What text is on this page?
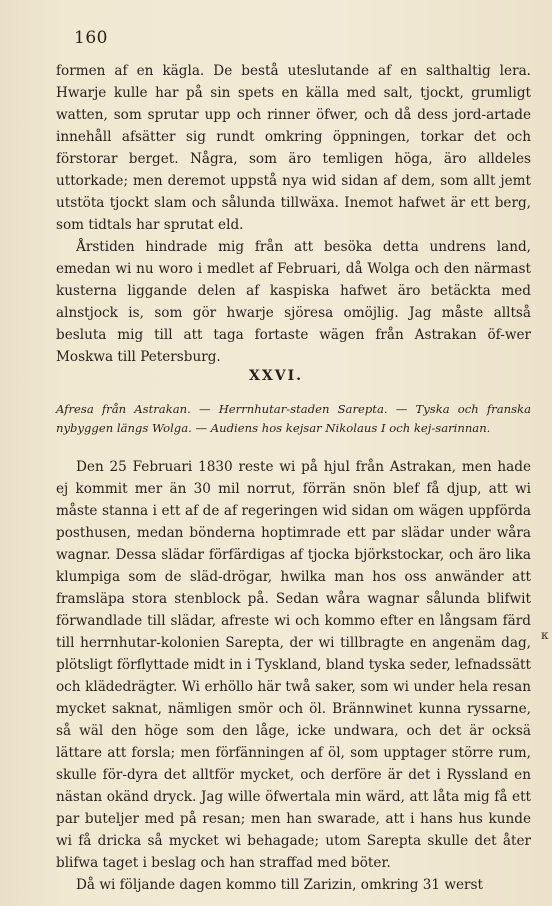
160

formen af en kägla. De bestå uteslutande af en salthaltig lera. Hwarje kulle har på sin spets en källa med salt, tjockt, grumligt watten, som sprutar upp och rinner öfwer, och då dess jord-artade innehåll afsätter sig rundt omkring öppningen, torkar det och förstorar berget. Några, som äro temligen höga, äro alldeles uttorkade; men deremot uppstå nya wid sidan af dem, som allt jemt utstöta tjockt slam och sålunda tillwäxa. Inemot hafwet är ett berg, som tidtals har sprutat eld.

Årstiden hindrade mig från att besöka detta undrens land, emedan wi nu woro i medlet af Februari, då Wolga och den närmast kusterna liggande delen af kaspiska hafwet äro betäckta med alnstjock is, som gör hwarje sjöresa omöjlig. Jag måste alltså besluta mig till att taga fortaste wägen från Astrakan öf-wer Moskwa till Petersburg.

XXVI.
Afresa från Astrakan. — Herrnhutar-staden Sarepta. — Tyska och franska nybyggen längs Wolga. — Audiens hos kejsar Nikolaus I och kej-sarinnan.

Den 25 Februari 1830 reste wi på hjul från Astrakan, men hade ej kommit mer än 30 mil norrut, förrän snön blef få djup, att wi måste stanna i ett af de af regeringen wid sidan om wägen uppförda posthusen, medan bönderna hoptimrade ett par slädar under wåra wagnar. Dessa slädar förfärdigas af tjocka björkstockar, och äro lika klumpiga som de släd-drögar, hwilka man hos oss anwänder att framsläpa stora stenblock på. Sedan wåra wagnar sålunda blifwit förwandlade till slädar, afreste wi och kommo efter en långsam färd till herrnhutar-kolonien Sarepta, der wi tillbragte en angenäm dag, plötsligt förflyttade midt in i Tyskland, bland tyska seder, lefnadssätt och klädedrägter. Wi erhöllo här twå saker, som wi under hela resan mycket saknat, nämligen smör och öl. Brännwinet kunna ryssarne, så wäl den höge som den låge, icke undwara, och det är ocksä lättare att forsla; men förfänningen af öl, som upptager större rum, skulle för-dyra det alltför mycket, och derföre är det i Ryssland en nästan okänd dryck. Jag wille öfwertala min wärd, att låta mig få ett par buteljer med på resan; men han swarade, att i hans hus kunde wi få dricka så mycket wi behagade; utom Sarepta skulle det åter blifwa taget i beslag och han straffad med böter.

Då wi följande dagen kommo till Zarizin, omkring 31 werst

κ
